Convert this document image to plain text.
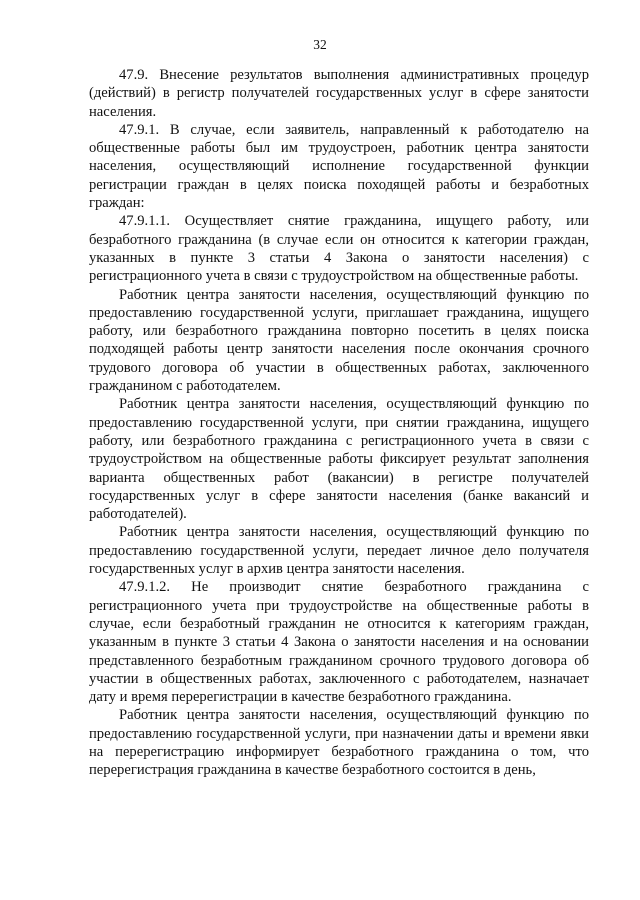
32

47.9. Внесение результатов выполнения административных процедур (действий) в регистр получателей государственных услуг в сфере занятости населения.

47.9.1. В случае, если заявитель, направленный к работодателю на общественные работы был им трудоустроен, работник центра занятости населения, осуществляющий исполнение государственной функции регистрации граждан в целях поиска походящей работы и безработных граждан:

47.9.1.1. Осуществляет снятие гражданина, ищущего работу, или безработного гражданина (в случае если он относится к категории граждан, указанных в пункте 3 статьи 4 Закона о занятости населения) с регистрационного учета в связи с трудоустройством на общественные работы.

Работник центра занятости населения, осуществляющий функцию по предоставлению государственной услуги, приглашает гражданина, ищущего работу, или безработного гражданина повторно посетить в целях поиска подходящей работы центр занятости населения после окончания срочного трудового договора об участии в общественных работах, заключенного гражданином с работодателем.

Работник центра занятости населения, осуществляющий функцию по предоставлению государственной услуги, при снятии гражданина, ищущего работу, или безработного гражданина с регистрационного учета в связи с трудоустройством на общественные работы фиксирует результат заполнения варианта общественных работ (вакансии) в регистре получателей государственных услуг в сфере занятости населения (банке вакансий и работодателей).

Работник центра занятости населения, осуществляющий функцию по предоставлению государственной услуги, передает личное дело получателя государственных услуг в архив центра занятости населения.

47.9.1.2. Не производит снятие безработного гражданина с регистрационного учета при трудоустройстве на общественные работы в случае, если безработный гражданин не относится к категориям граждан, указанным в пункте 3 статьи 4 Закона о занятости населения и на основании представленного безработным гражданином срочного трудового договора об участии в общественных работах, заключенного с работодателем, назначает дату и время перерегистрации в качестве безработного гражданина.

Работник центра занятости населения, осуществляющий функцию по предоставлению государственной услуги, при назначении даты и времени явки на перерегистрацию информирует безработного гражданина о том, что перерегистрация гражданина в качестве безработного состоится в день,
